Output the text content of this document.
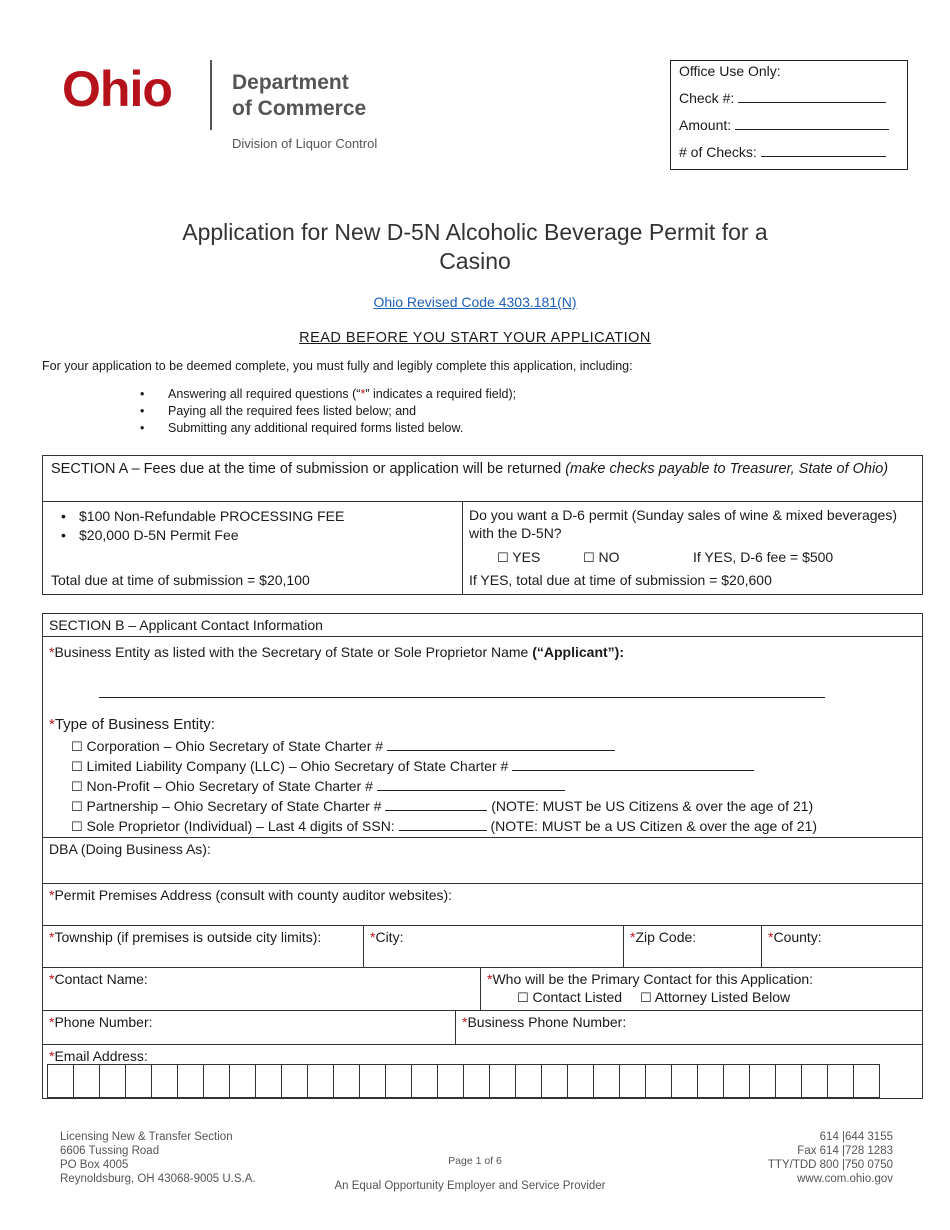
Ohio	Department
of Commerce
Division of Liquor Control
Office Use Only:
Check #:
Amount:
# of Checks:
Application for New D-5N Alcoholic Beverage Permit for a
Casino
Ohio Revised Code 4303.181(N)
READ BEFORE YOU START YOUR APPLICATION
For your application to be deemed complete, you must fully and legibly complete this application, including:
• Answering all required questions (“*” indicates a required field);
• Paying all the required fees listed below; and
• Submitting any additional required forms listed below.
SECTION A – Fees due at the time of submission or application will be returned (make checks payable to Treasurer, State of Ohio)
• $100 Non-Refundable PROCESSING FEE
• $20,000 D-5N Permit Fee
Total due at time of submission = $20,100
Do you want a D-6 permit (Sunday sales of wine & mixed beverages) with the D-5N?
☐ YES	☐ NO	If YES, D-6 fee = $500
If YES, total due at time of submission = $20,600
SECTION B – Applicant Contact Information
*Business Entity as listed with the Secretary of State or Sole Proprietor Name (“Applicant”):
*Type of Business Entity:
☐ Corporation – Ohio Secretary of State Charter #
☐ Limited Liability Company (LLC) – Ohio Secretary of State Charter #
☐ Non-Profit – Ohio Secretary of State Charter #
☐ Partnership – Ohio Secretary of State Charter #	(NOTE: MUST be US Citizens & over the age of 21)
☐ Sole Proprietor (Individual) – Last 4 digits of SSN:	(NOTE: MUST be a US Citizen & over the age of 21)
DBA (Doing Business As):
*Permit Premises Address (consult with county auditor websites):
*Township (if premises is outside city limits):	*City:	*Zip Code:	*County:
*Contact Name:	*Who will be the Primary Contact for this Application:
☐ Contact Listed ☐ Attorney Listed Below
*Phone Number:	*Business Phone Number:
*Email Address:
Licensing New & Transfer Section
6606 Tussing Road
PO Box 4005
Reynoldsburg, OH 43068-9005 U.S.A.
Page 1 of 6
An Equal Opportunity Employer and Service Provider
614 |644 3155
Fax 614 |728 1283
TTY/TDD 800 |750 0750
www.com.ohio.gov
